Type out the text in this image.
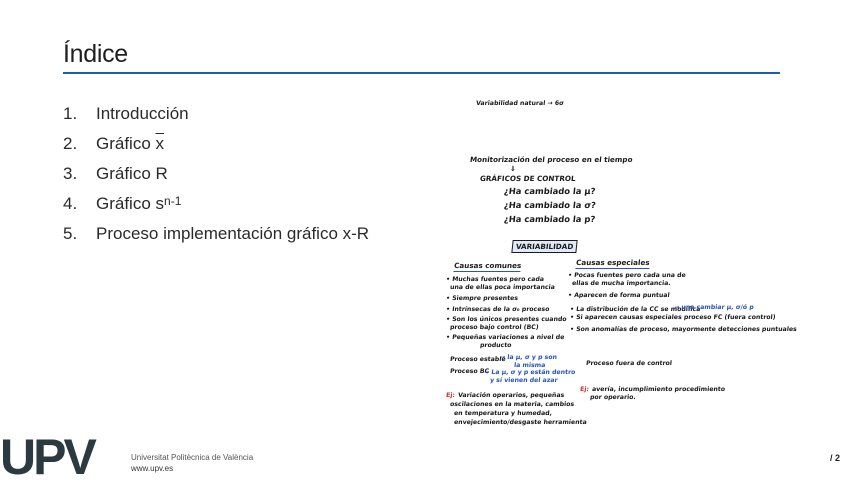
Índice
1.	Introducción
2.	Gráfico $\overline{x}$
3.	Gráfico R
4.	Gráfico s n-1
5.	Proceso implementación gráfico x-R
Variabilidad natural → 6σ
Monitorización del proceso en el tiempo
⇓
GRÁFICOS DE CONTROL
¿Ha cambiado la μ?
¿Ha cambiado la σ?
¿Ha cambiado la p?
VARIABILIDAD
Causas comunes
• Muchas fuentes pero cada
una de ellas poca importancia
• Siempre presentes
• Intrínsecas de la σ₀ proceso
• Son los únicos presentes cuando
proceso bajo control (BC)
• Pequeñas variaciones a nivel de
producto
Causas especiales
• Pocas fuentes pero cada una de
ellas de mucha importancia.
• Aparecen de forma puntual
• La distribución de la CC se modifica
→ una cambiar μ, σ/ó p
• Si aparecen causas especiales proceso FC (fuera control)
• Son anomalías de proceso, mayormente detecciones puntuales
Proceso estable
→ la μ, σ y p son
la misma
Proceso BC
→ La μ, σ y p están dentro
y sí vienen del azar
Proceso fuera de control
Ej: Variación operarios, pequeñas
oscilaciones en la materia, cambios
en temperatura y humedad,
envejecimiento/desgaste herramienta
Ej: avería, incumplimiento procedimiento
por operario.
UPV	Universitat Politècnica de València
www.upv.es
/ 2
